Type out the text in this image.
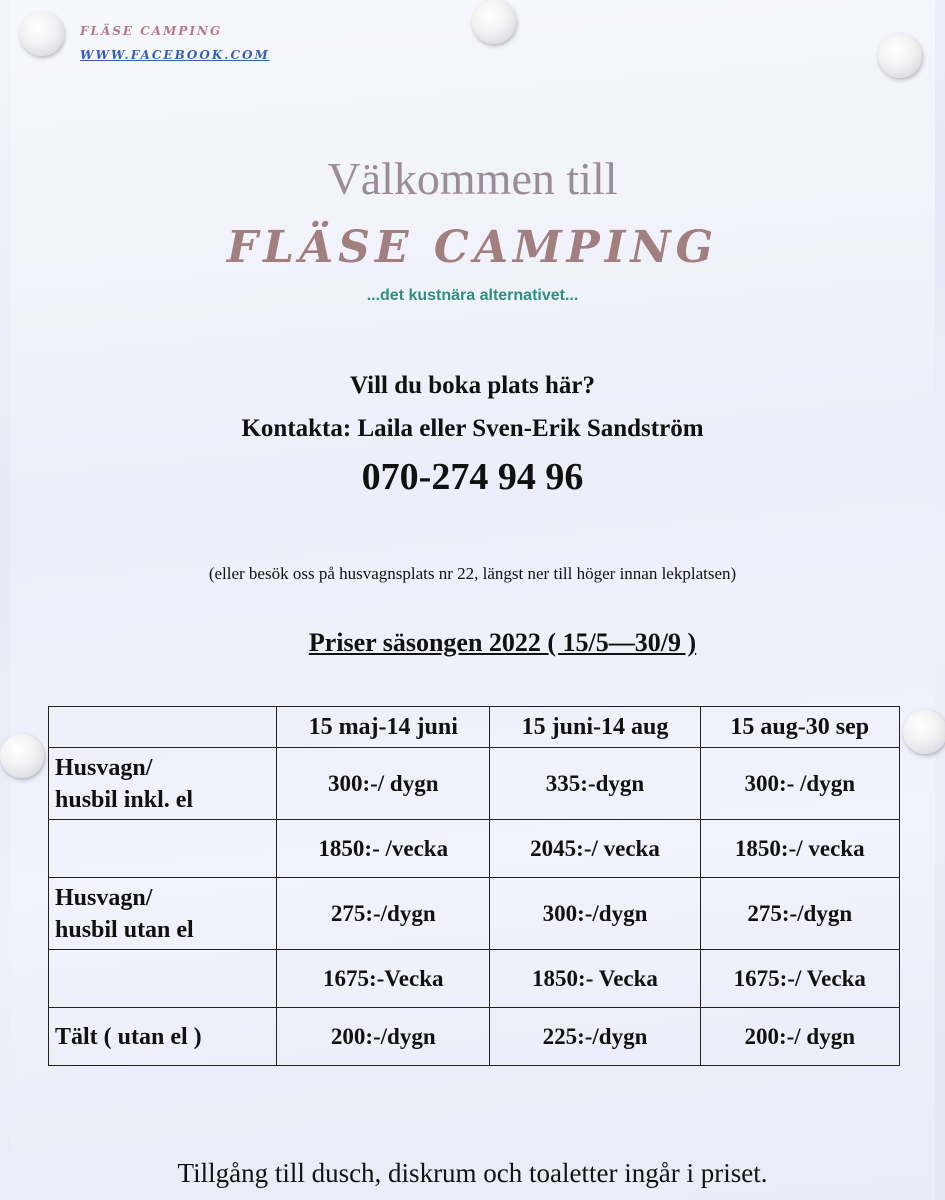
FLÄSE CAMPING
WWW.FACEBOOK.COM
Välkommen till
FLÄSE CAMPING
...det kustnära alternativet...
Vill du boka plats här?
Kontakta: Laila eller Sven-Erik Sandström
070-274 94 96
(eller besök oss på husvagnsplats nr 22, längst ner till höger innan lekplatsen)
Priser säsongen 2022 ( 15/5—30/9 )
	15 maj-14 juni	15 juni-14 aug	15 aug-30 sep
Husvagn/
husbil inkl. el	300:-/ dygn	335:-dygn	300:- /dygn
	1850:- /vecka	2045:-/ vecka	1850:-/ vecka
Husvagn/
husbil utan el	275:-/dygn	300:-/dygn	275:-/dygn
	1675:-Vecka	1850:- Vecka	1675:-/ Vecka
Tält ( utan el )	200:-/dygn	225:-/dygn	200:-/ dygn
Tillgång till dusch, diskrum och toaletter ingår i priset.
